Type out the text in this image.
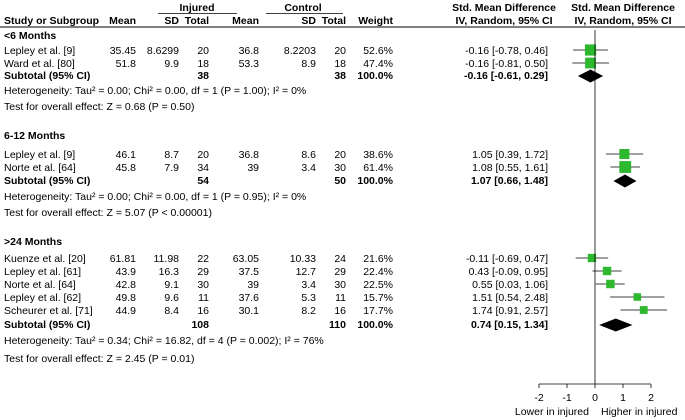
Injured	Control	Std. Mean Difference Std. Mean Difference
Study or Subgroup Mean	SD Total Mean	SD Total Weight	IV, Random, 95% CI IV, Random, 95% CI
<6 Months
Lepley et al. [9]	35.45 8.6299 20	36.8 8.2203 20 52.6%	-0.16 [-0.78, 0.46]
Ward et al. [80]	51.8	9.9 18	53.3	8.9 18 47.4%	-0.16 [-0.81, 0.50]
Subtotal (95% CI)	38	38 100.0%	-0.16 [-0.61, 0.29]
Heterogeneity: Tau² = 0.00; Chi² = 0.00, df = 1 (P = 1.00); I² = 0%
Test for overall effect: Z = 0.68 (P = 0.50)
6-12 Months
Lepley et al. [9]	46.1	8.7 20	36.8	8.6 20 38.6%	1.05 [0.39, 1.72]
Norte et al. [64]	45.8	7.9 34	39	3.4 30 61.4%	1.08 [0.55, 1.61]
Subtotal (95% CI)	54	50 100.0%	1.07 [0.66, 1.48]
Heterogeneity: Tau² = 0.00; Chi² = 0.00, df = 1 (P = 0.95); I² = 0%
Test for overall effect: Z = 5.07 (P < 0.00001)
>24 Months
Kuenze et al. [20] 61.81 11.98 22 63.05	10.33 24 21.6%	-0.11 [-0.69, 0.47]
Lepley et al. [61]	43.9 16.3 29	37.5	12.7 29 22.4%	0.43 [-0.09, 0.95]
Norte et al. [64]	42.8	9.1 30	39	3.4 30 22.5%	0.55 [0.03, 1.06]
Lepley et al. [62]	49.8	9.6 11	37.6	5.3 11 15.7%	1.51 [0.54, 2.48]
Scheurer et al. [71] 44.9	8.4 16	30.1	8.2 16 17.7%	1.74 [0.91, 2.57]
Subtotal (95% CI)	108	110 100.0%	0.74 [0.15, 1.34]
Heterogeneity: Tau² = 0.34; Chi² = 16.82, df = 4 (P = 0.002); I² = 76%
Test for overall effect: Z = 2.45 (P = 0.01)
-2 -1 0 1 2
Lower in injured Higher in injured
